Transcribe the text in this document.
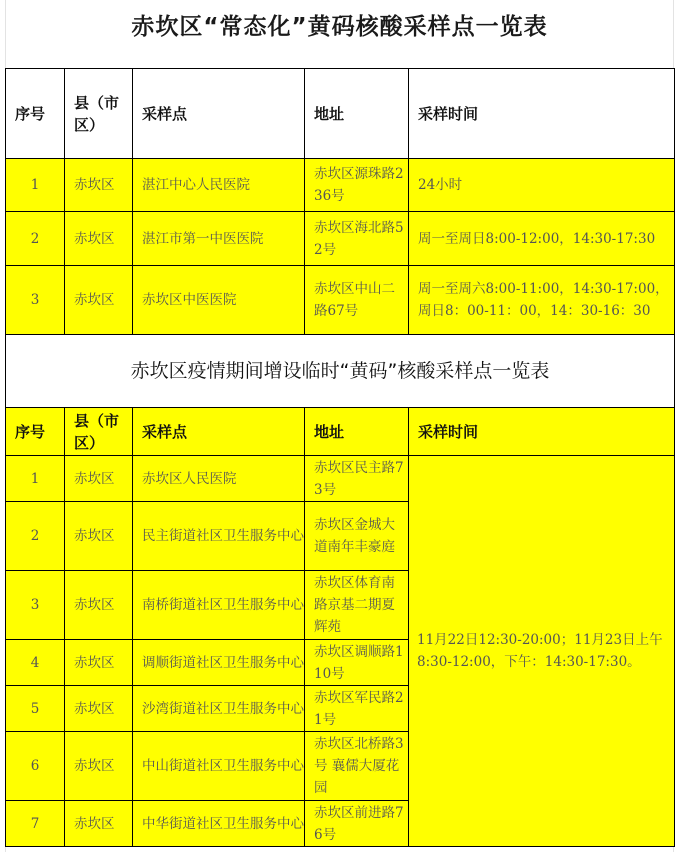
赤坎区“常态化”黄码核酸采样点一览表
序号	县（市区）	采样点	地址	采样时间
1	赤坎区	湛江中心人民医院	赤坎区源珠路236号	24小时
2	赤坎区	湛江市第一中医医院	赤坎区海北路52号	周一至周日8:00-12:00，14:30-17:30
3	赤坎区	赤坎区中医医院	赤坎区中山二路67号	周一至周六8:00-11:00，14:30-17:00，周日8：00-11：00，14：30-16：30
赤坎区疫情期间增设临时“黄码”核酸采样点一览表				
序号	县（市区）	采样点	地址	采样时间
1	赤坎区	赤坎区人民医院	赤坎区民主路73号	11月22日12:30-20:00；11月23日上午8:30-12:00，下午：14:30-17:30。
2	赤坎区	民主街道社区卫生服务中心	赤坎区金城大道南年丰豪庭	
3	赤坎区	南桥街道社区卫生服务中心	赤坎区体育南路京基二期夏辉苑	
4	赤坎区	调顺街道社区卫生服务中心	赤坎区调顺路110号	
5	赤坎区	沙湾街道社区卫生服务中心	赤坎区军民路21号	
6	赤坎区	中山街道社区卫生服务中心	赤坎区北桥路3号 襄儒大厦花园	
7	赤坎区	中华街道社区卫生服务中心	赤坎区前进路76号	
